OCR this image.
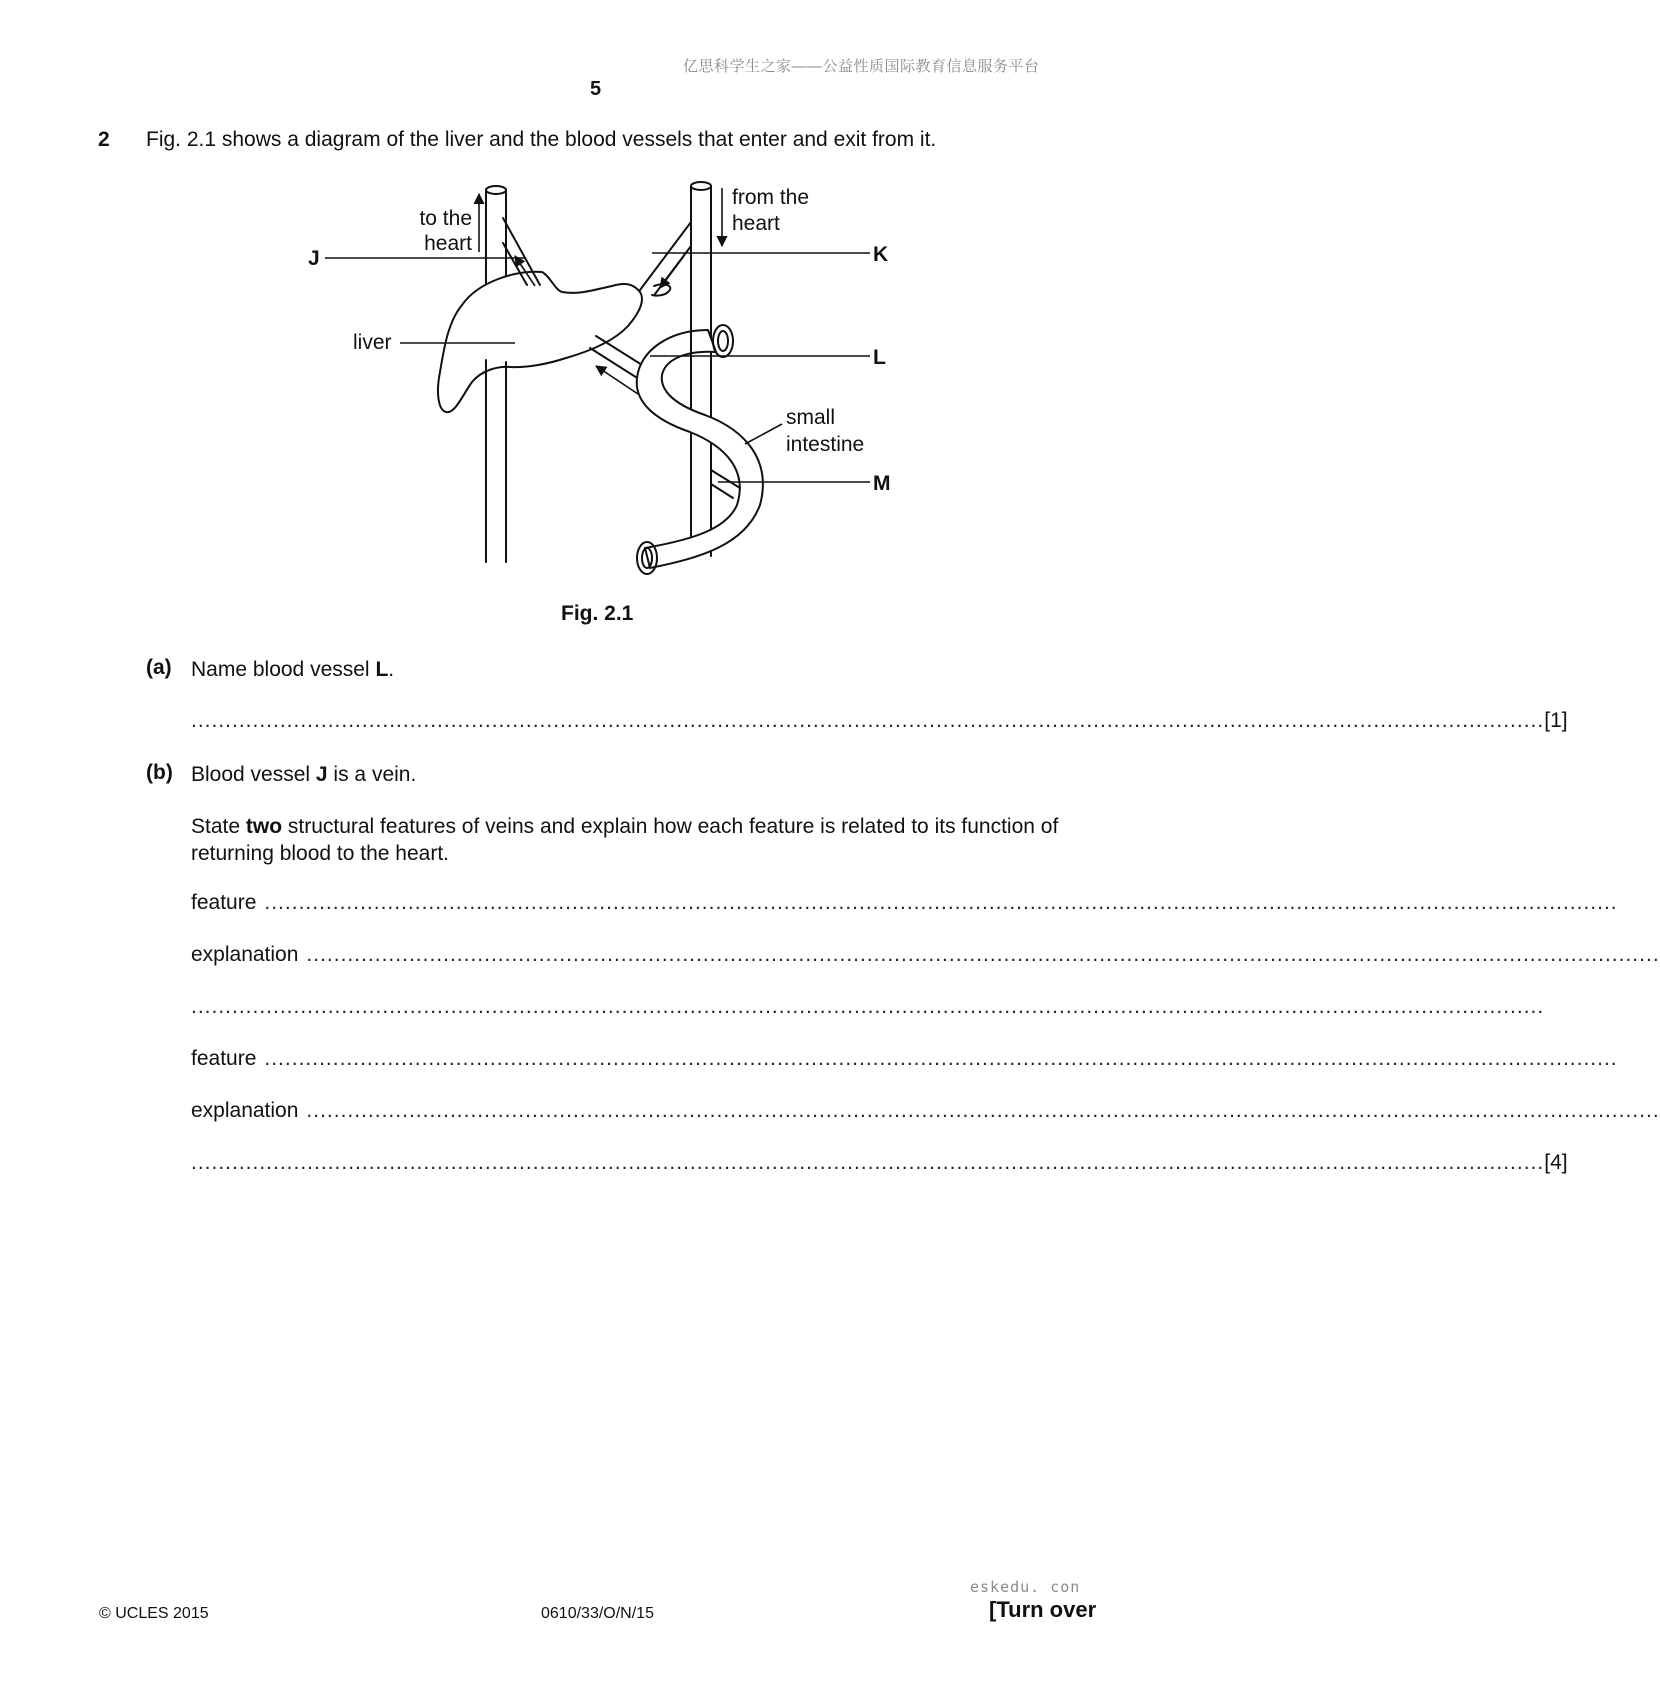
亿思科学生之家——公益性质国际教育信息服务平台
5
2 Fig. 2.1 shows a diagram of the liver and the blood vessels that enter and exit from it.
to the
heart
from the
heart
J	K
L
M
liver
small
intestine
Fig. 2.1
(a) Name blood vessel L.
...................................................................................................................................................................................................... [1]
(b) Blood vessel J is a vein.
State two structural features of veins and explain how each feature is related to its function of returning blood to the heart.
feature ......................................................................................................................................................................................................
explanation ......................................................................................................................................................................................................
......................................................................................................................................................................................................
feature ......................................................................................................................................................................................................
explanation ......................................................................................................................................................................................................
...................................................................................................................................................................................................... [4]
eskedu. con
© UCLES 2015	0610/33/O/N/15	[Turn over
